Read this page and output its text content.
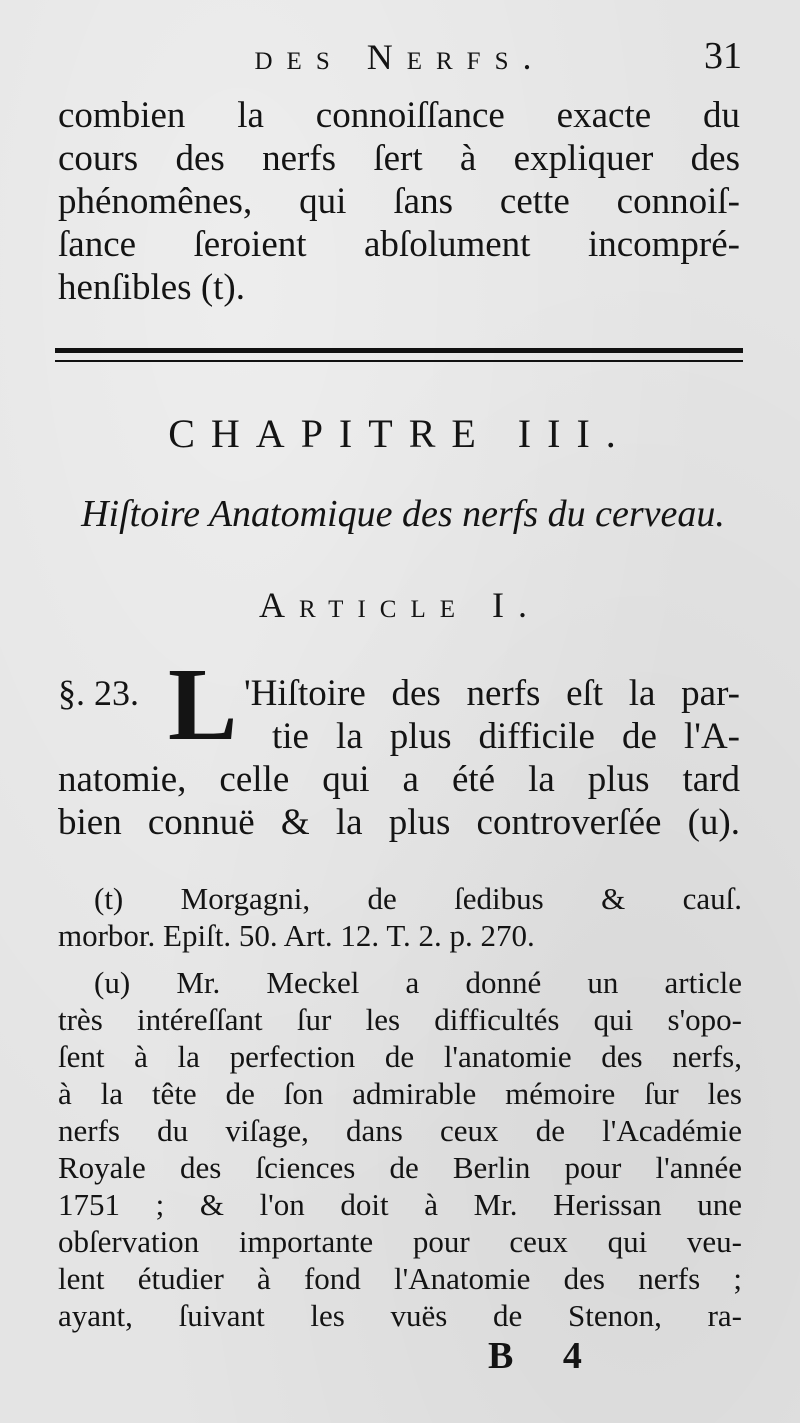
des Nerfs.	31
combien la connoiſſance exacte du
cours des nerfs ſert à expliquer des
phénomênes, qui ſans cette connoiſ-
ſance ſeroient abſolument incompré-
henſibles (t).
CHAPITRE III.
Hiſtoire Anatomique des nerfs du cerveau.
Article I.
§. 23. L 'Hiſtoire des nerfs eſt la par-
tie la plus difficile de l'A-
natomie, celle qui a été la plus tard
bien connuë & la plus controverſée (u).
(t) Morgagni, de ſedibus & cauſ.
morbor. Epiſt. 50. Art. 12. T. 2. p. 270.
(u) Mr. Meckel a donné un article
très intéreſſant ſur les difficultés qui s'opo-
ſent à la perfection de l'anatomie des nerfs,
à la tête de ſon admirable mémoire ſur les
nerfs du viſage, dans ceux de l'Académie
Royale des ſciences de Berlin pour l'année
1751 ; & l'on doit à Mr. Herissan une
obſervation importante pour ceux qui veu-
lent étudier à fond l'Anatomie des nerfs ;
ayant, ſuivant les vuës de Stenon, ra-
B 4
